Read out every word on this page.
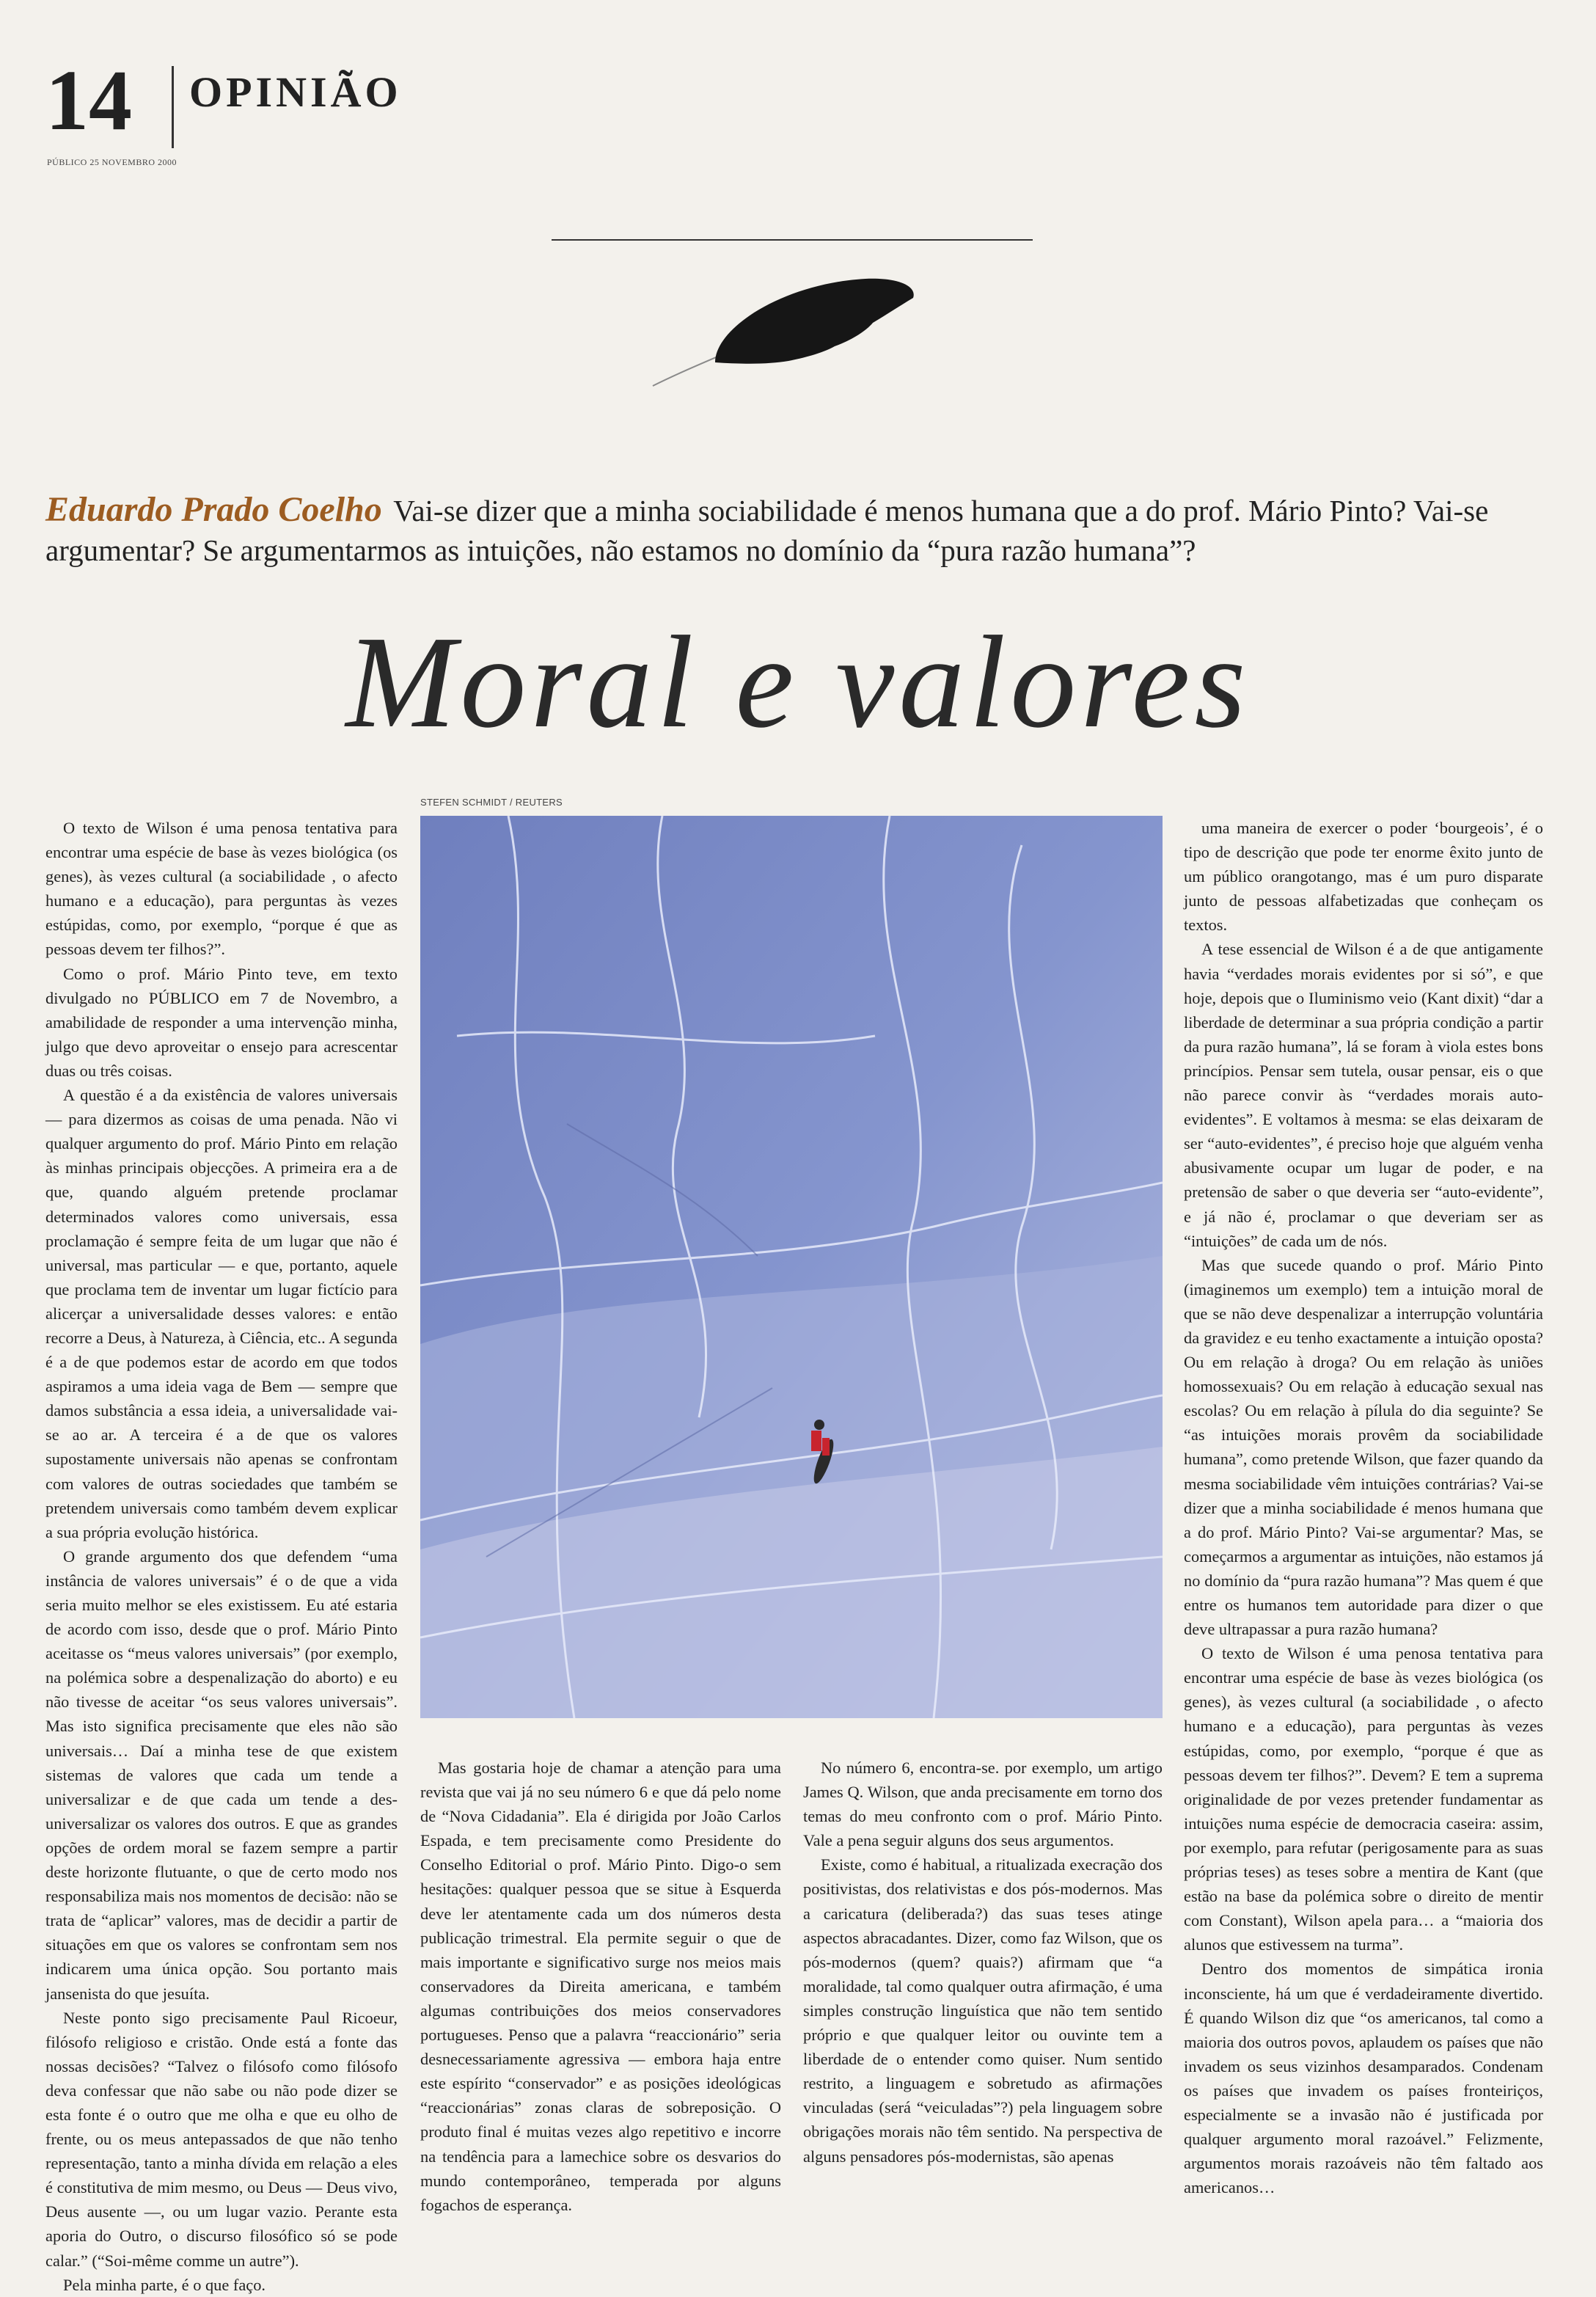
14 OPINIÃO
PÚBLICO 25 NOVEMBRO 2000
Eduardo Prado Coelho Vai-se dizer que a minha sociabilidade é menos humana que a do prof. Mário Pinto? Vai-se argumentar? Se argumentarmos as intuições, não estamos no domínio da “pura razão humana”?
Moral e valores
STEFEN SCHMIDT / REUTERS

O texto de Wilson é uma penosa tentativa para encontrar uma espécie de base às vezes biológica (os genes), às vezes cultural (a sociabilidade , o afecto humano e a educação), para perguntas às vezes estúpidas, como, por exemplo, “porque é que as pessoas devem ter filhos?”.

Como o prof. Mário Pinto teve, em texto divulgado no PÚBLICO em 7 de Novembro, a amabilidade de responder a uma intervenção minha, julgo que devo aproveitar o ensejo para acrescentar duas ou três coisas.

A questão é a da existência de valores universais — para dizermos as coisas de uma penada. Não vi qualquer argumento do prof. Mário Pinto em relação às minhas principais objecções. A primeira era a de que, quando alguém pretende proclamar determinados valores como universais, essa proclamação é sempre feita de um lugar que não é universal, mas particular — e que, portanto, aquele que proclama tem de inventar um lugar fictício para alicerçar a universalidade desses valores: e então recorre a Deus, à Natureza, à Ciência, etc.. A segunda é a de que podemos estar de acordo em que todos aspiramos a uma ideia vaga de Bem — sempre que damos substância a essa ideia, a universalidade vai-se ao ar. A terceira é a de que os valores supostamente universais não apenas se confrontam com valores de outras sociedades que também se pretendem universais como também devem explicar a sua própria evolução histórica.

O grande argumento dos que defendem “uma instância de valores universais” é o de que a vida seria muito melhor se eles existissem. Eu até estaria de acordo com isso, desde que o prof. Mário Pinto aceitasse os “meus valores universais” (por exemplo, na polémica sobre a despenalização do aborto) e eu não tivesse de aceitar “os seus valores universais”. Mas isto significa precisamente que eles não são universais… Daí a minha tese de que existem sistemas de valores que cada um tende a universalizar e de que cada um tende a des-universalizar os valores dos outros. E que as grandes opções de ordem moral se fazem sempre a partir deste horizonte flutuante, o que de certo modo nos responsabiliza mais nos momentos de decisão: não se trata de “aplicar” valores, mas de decidir a partir de situações em que os valores se confrontam sem nos indicarem uma única opção. Sou portanto mais jansenista do que jesuíta.

Neste ponto sigo precisamente Paul Ricoeur, filósofo religioso e cristão. Onde está a fonte das nossas decisões? “Talvez o filósofo como filósofo deva confessar que não sabe ou não pode dizer se esta fonte é o outro que me olha e que eu olho de frente, ou os meus antepassados de que não tenho representação, tanto a minha dívida em relação a eles é constitutiva de mim mesmo, ou Deus — Deus vivo, Deus ausente —, ou um lugar vazio. Perante esta aporia do Outro, o discurso filosófico só se pode calar.” (“Soi-même comme un autre”).

Pela minha parte, é o que faço.

Mas gostaria hoje de chamar a atenção para uma revista que vai já no seu número 6 e que dá pelo nome de “Nova Cidadania”. Ela é dirigida por João Carlos Espada, e tem precisamente como Presidente do Conselho Editorial o prof. Mário Pinto. Digo-o sem hesitações: qualquer pessoa que se situe à Esquerda deve ler atentamente cada um dos números desta publicação trimestral. Ela permite seguir o que de mais importante e significativo surge nos meios mais conservadores da Direita americana, e também algumas contribuições dos meios conservadores portugueses. Penso que a palavra “reaccionário” seria desnecessariamente agressiva — embora haja entre este espírito “conservador” e as posições ideológicas “reaccionárias” zonas claras de sobreposição. O produto final é muitas vezes algo repetitivo e incorre na tendência para a lamechice sobre os desvarios do mundo contemporâneo, temperada por alguns fogachos de esperança.

No número 6, encontra-se. por exemplo, um artigo James Q. Wilson, que anda precisamente em torno dos temas do meu confronto com o prof. Mário Pinto. Vale a pena seguir alguns dos seus argumentos.

Existe, como é habitual, a ritualizada execração dos positivistas, dos relativistas e dos pós-modernos. Mas a caricatura (deliberada?) das suas teses atinge aspectos abracadantes. Dizer, como faz Wilson, que os pós-modernos (quem? quais?) afirmam que “a moralidade, tal como qualquer outra afirmação, é uma simples construção linguística que não tem sentido próprio e que qualquer leitor ou ouvinte tem a liberdade de o entender como quiser. Num sentido restrito, a linguagem e sobretudo as afirmações vinculadas (será “veiculadas”?) pela linguagem sobre obrigações morais não têm sentido. Na perspectiva de alguns pensadores pós-modernistas, são apenas

uma maneira de exercer o poder ‘bourgeois’, é o tipo de descrição que pode ter enorme êxito junto de um público orangotango, mas é um puro disparate junto de pessoas alfabetizadas que conheçam os textos.

A tese essencial de Wilson é a de que antigamente havia “verdades morais evidentes por si só”, e que hoje, depois que o Iluminismo veio (Kant dixit) “dar a liberdade de determinar a sua própria condição a partir da pura razão humana”, lá se foram à viola estes bons princípios. Pensar sem tutela, ousar pensar, eis o que não parece convir às “verdades morais auto-evidentes”. E voltamos à mesma: se elas deixaram de ser “auto-evidentes”, é preciso hoje que alguém venha abusivamente ocupar um lugar de poder, e na pretensão de saber o que deveria ser “auto-evidente”, e já não é, proclamar o que deveriam ser as “intuições” de cada um de nós.

Mas que sucede quando o prof. Mário Pinto (imaginemos um exemplo) tem a intuição moral de que se não deve despenalizar a interrupção voluntária da gravidez e eu tenho exactamente a intuição oposta? Ou em relação à droga? Ou em relação às uniões homossexuais? Ou em relação à educação sexual nas escolas? Ou em relação à pílula do dia seguinte? Se “as intuições morais provêm da sociabilidade humana”, como pretende Wilson, que fazer quando da mesma sociabilidade vêm intuições contrárias? Vai-se dizer que a minha sociabilidade é menos humana que a do prof. Mário Pinto? Vai-se argumentar? Mas, se começarmos a argumentar as intuições, não estamos já no domínio da “pura razão humana”? Mas quem é que entre os humanos tem autoridade para dizer o que deve ultrapassar a pura razão humana?

O texto de Wilson é uma penosa tentativa para encontrar uma espécie de base às vezes biológica (os genes), às vezes cultural (a sociabilidade , o afecto humano e a educação), para perguntas às vezes estúpidas, como, por exemplo, “porque é que as pessoas devem ter filhos?”. Devem? E tem a suprema originalidade de por vezes pretender fundamentar as intuições numa espécie de democracia caseira: assim, por exemplo, para refutar (perigosamente para as suas próprias teses) as teses sobre a mentira de Kant (que estão na base da polémica sobre o direito de mentir com Constant), Wilson apela para… a “maioria dos alunos que estivessem na turma”.

Dentro dos momentos de simpática ironia inconsciente, há um que é verdadeiramente divertido. É quando Wilson diz que “os americanos, tal como a maioria dos outros povos, aplaudem os países que não invadem os seus vizinhos desamparados. Condenam os países que invadem os países fronteiriços, especialmente se a invasão não é justificada por qualquer argumento moral razoável.” Felizmente, argumentos morais razoáveis não têm faltado aos americanos…
